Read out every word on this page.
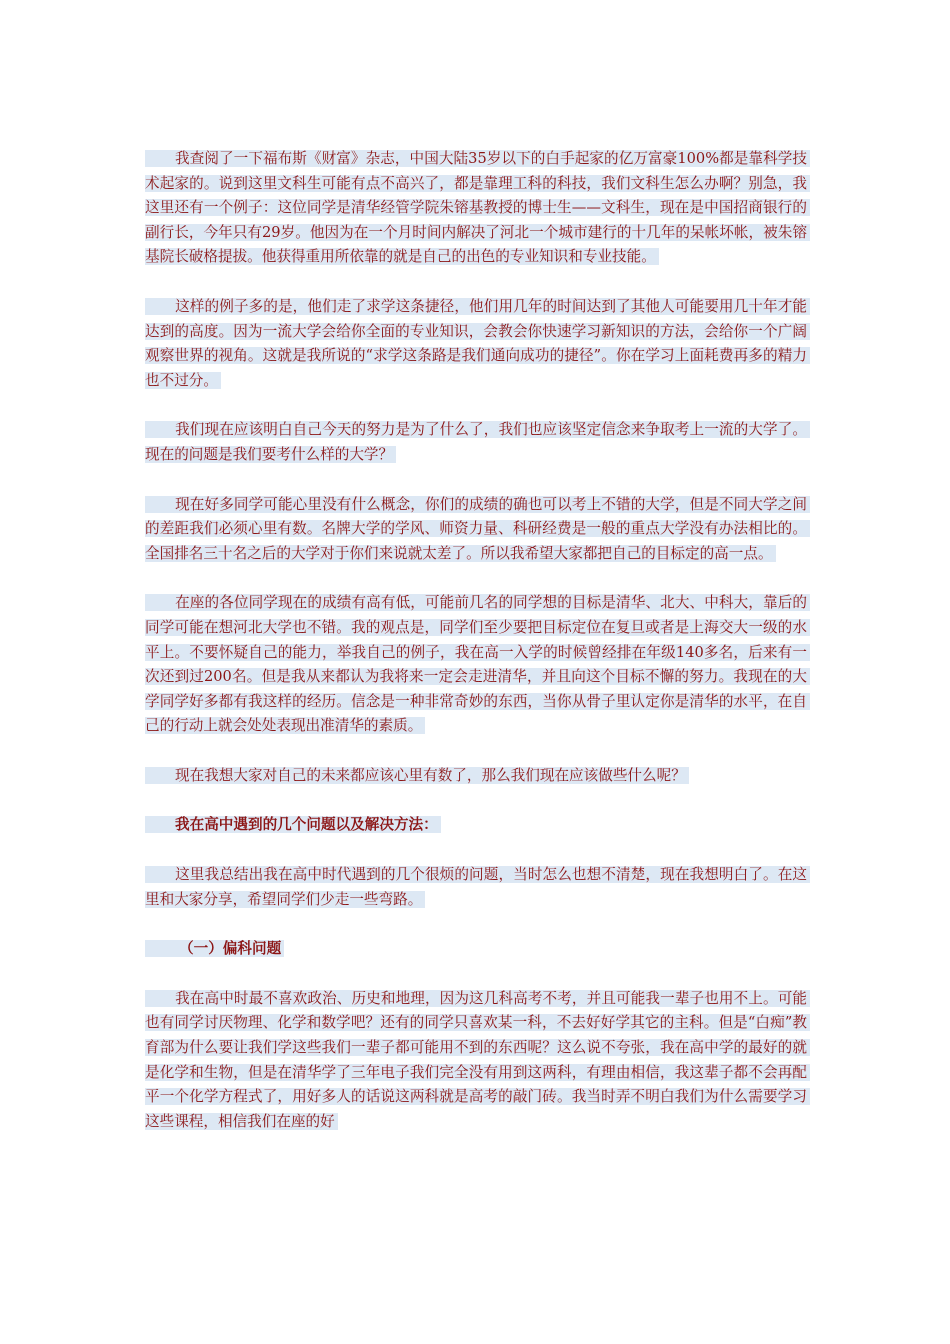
我查阅了一下福布斯《财富》杂志，中国大陆35岁以下的白手起家的亿万富豪100%都是靠科学技术起家的。说到这里文科生可能有点不高兴了，都是靠理工科的科技，我们文科生怎么办啊？别急，我这里还有一个例子：这位同学是清华经管学院朱镕基教授的博士生——文科生，现在是中国招商银行的副行长，今年只有29岁。他因为在一个月时间内解决了河北一个城市建行的十几年的呆帐坏帐，被朱镕基院长破格提拔。他获得重用所依靠的就是自己的出色的专业知识和专业技能。

这样的例子多的是，他们走了求学这条捷径，他们用几年的时间达到了其他人可能要用几十年才能达到的高度。因为一流大学会给你全面的专业知识，会教会你快速学习新知识的方法，会给你一个广阔观察世界的视角。这就是我所说的“求学这条路是我们通向成功的捷径”。你在学习上面耗费再多的精力也不过分。

我们现在应该明白自己今天的努力是为了什么了，我们也应该坚定信念来争取考上一流的大学了。现在的问题是我们要考什么样的大学？

现在好多同学可能心里没有什么概念，你们的成绩的确也可以考上不错的大学，但是不同大学之间的差距我们必须心里有数。名牌大学的学风、师资力量、科研经费是一般的重点大学没有办法相比的。全国排名三十名之后的大学对于你们来说就太差了。所以我希望大家都把自己的目标定的高一点。

在座的各位同学现在的成绩有高有低，可能前几名的同学想的目标是清华、北大、中科大，靠后的同学可能在想河北大学也不错。我的观点是，同学们至少要把目标定位在复旦或者是上海交大一级的水平上。不要怀疑自己的能力，举我自己的例子，我在高一入学的时候曾经排在年级140多名，后来有一次还到过200名。但是我从来都认为我将来一定会走进清华，并且向这个目标不懈的努力。我现在的大学同学好多都有我这样的经历。信念是一种非常奇妙的东西，当你从骨子里认定你是清华的水平，在自己的行动上就会处处表现出准清华的素质。

现在我想大家对自己的未来都应该心里有数了，那么我们现在应该做些什么呢？

我在高中遇到的几个问题以及解决方法：

这里我总结出我在高中时代遇到的几个很烦的问题，当时怎么也想不清楚，现在我想明白了。在这里和大家分享，希望同学们少走一些弯路。

（一）偏科问题

我在高中时最不喜欢政治、历史和地理，因为这几科高考不考，并且可能我一辈子也用不上。可能也有同学讨厌物理、化学和数学吧？还有的同学只喜欢某一科，不去好好学其它的主科。但是“白痴”教育部为什么要让我们学这些我们一辈子都可能用不到的东西呢？这么说不夸张，我在高中学的最好的就是化学和生物，但是在清华学了三年电子我们完全没有用到这两科，有理由相信，我这辈子都不会再配平一个化学方程式了，用好多人的话说这两科就是高考的敲门砖。我当时弄不明白我们为什么需要学习这些课程，相信我们在座的好
